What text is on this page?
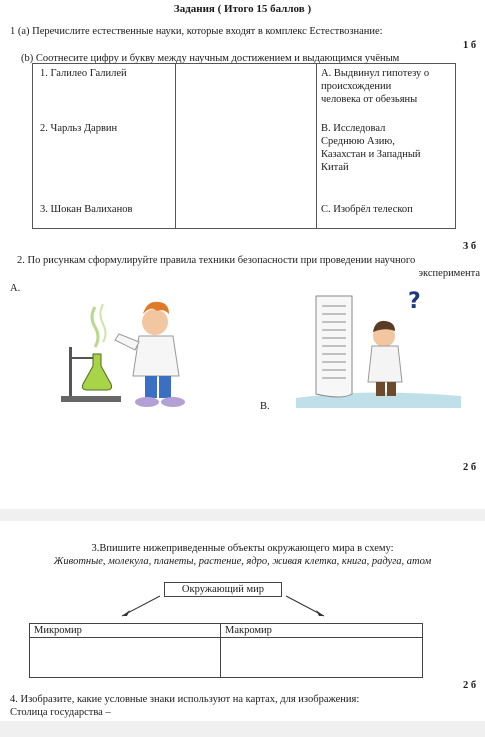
Задания ( Итого 15 баллов )
1 (а) Перечислите естественные науки, которые входят в комплекс Естествознание:
1 б
(b) Соотнесите цифру и букву между научным достижением и выдающимся учёным
1. Галилео Галилей
2. Чарльз Дарвин
3. Шокан Валиханов
А. Выдвинул гипотезу о
происхождении
человека от обезьяны
В. Исследовал
Среднюю Азию,
Казахстан и Западный
Китай
С. Изобрёл телескоп
3 б
2. По рисункам сформулируйте правила техники безопасности при проведении научного
эксперимента
А.
?
В.
2 б
3.Впишите нижеприведенные объекты окружающего мира в схему:
Животные, молекула, планеты, растение, ядро, живая клетка, книга, радуга, атом
Окружающий мир
Микромир	Макромир
2 б
4. Изобразите, какие условные знаки используют на картах, для изображения:
Столица государства –
